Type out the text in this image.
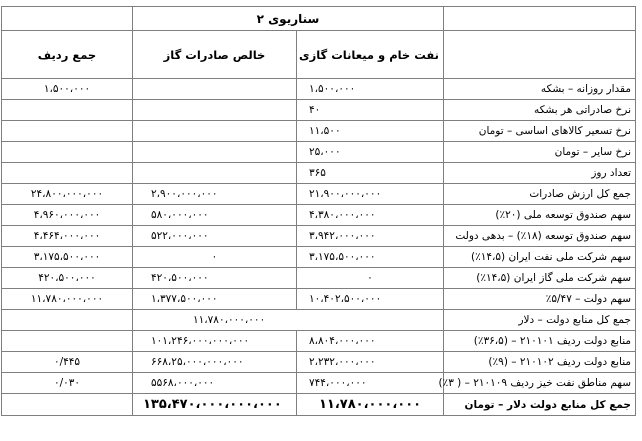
	سناریوی ۲		
	نفت خام و میعانات گازی	خالص صادرات گاز	جمع ردیف
مقدار روزانه – بشکه	۱،۵۰۰،۰۰۰		۱،۵۰۰،۰۰۰
نرخ صادراتی هر بشکه	۴۰		
نرخ تسعیر کالاهای اساسی – تومان	۱۱،۵۰۰		
نرخ سایر – تومان	۲۵،۰۰۰		
تعداد روز	۳۶۵		
جمع کل ارزش صادرات	۲۱،۹۰۰،۰۰۰،۰۰۰	۲،۹۰۰،۰۰۰،۰۰۰	۲۴،۸۰۰،۰۰۰،۰۰۰
سهم صندوق توسعه ملی (۲۰٪)	۴،۳۸۰،۰۰۰،۰۰۰	۵۸۰،۰۰۰،۰۰۰	۴،۹۶۰،۰۰۰،۰۰۰
سهم صندوق توسعه (۱۸٪) – بدهی دولت	۳،۹۴۲،۰۰۰،۰۰۰	۵۲۲،۰۰۰،۰۰۰	۴،۴۶۴،۰۰۰،۰۰۰
سهم شرکت ملی نفت ایران (۱۴،۵٪)	۳،۱۷۵،۵۰۰،۰۰۰	۰	۳،۱۷۵،۵۰۰،۰۰۰
سهم شرکت ملی گاز ایران (۱۴،۵٪)	۰	۴۲۰،۵۰۰،۰۰۰	۴۲۰،۵۰۰،۰۰۰
سهم دولت – ۵/۴۷٪	۱۰،۴۰۲،۵۰۰،۰۰۰	۱،۳۷۷،۵۰۰،۰۰۰	۱۱،۷۸۰،۰۰۰،۰۰۰
جمع کل منابع دولت – دلار	۱۱،۷۸۰،۰۰۰،۰۰۰		
منابع دولت ردیف ۲۱۰۱۰۱ – (۳۶،۵٪)	۸،۸۰۴،۰۰۰،۰۰۰	۱۰۱،۲۴۶،۰۰۰،۰۰۰،۰۰۰	
منابع دولت ردیف ۲۱۰۱۰۲ – (۹٪)	۲،۲۳۲،۰۰۰،۰۰۰	۶۶۸،۲۵،۰۰۰،۰۰۰،۰۰۰	۰/۴۴۵
سهم مناطق نفت خیز ردیف ۲۱۰۱۰۹ – ( ۳٪)	۷۴۴،۰۰۰،۰۰۰	۵۵۶۸،۰۰۰،۰۰۰	۰/۰۳۰
جمع کل منابع دولت دلار – تومان	۱۱،۷۸۰،۰۰۰،۰۰۰	۱۳۵،۴۷۰،۰۰۰،۰۰۰،۰۰۰	
